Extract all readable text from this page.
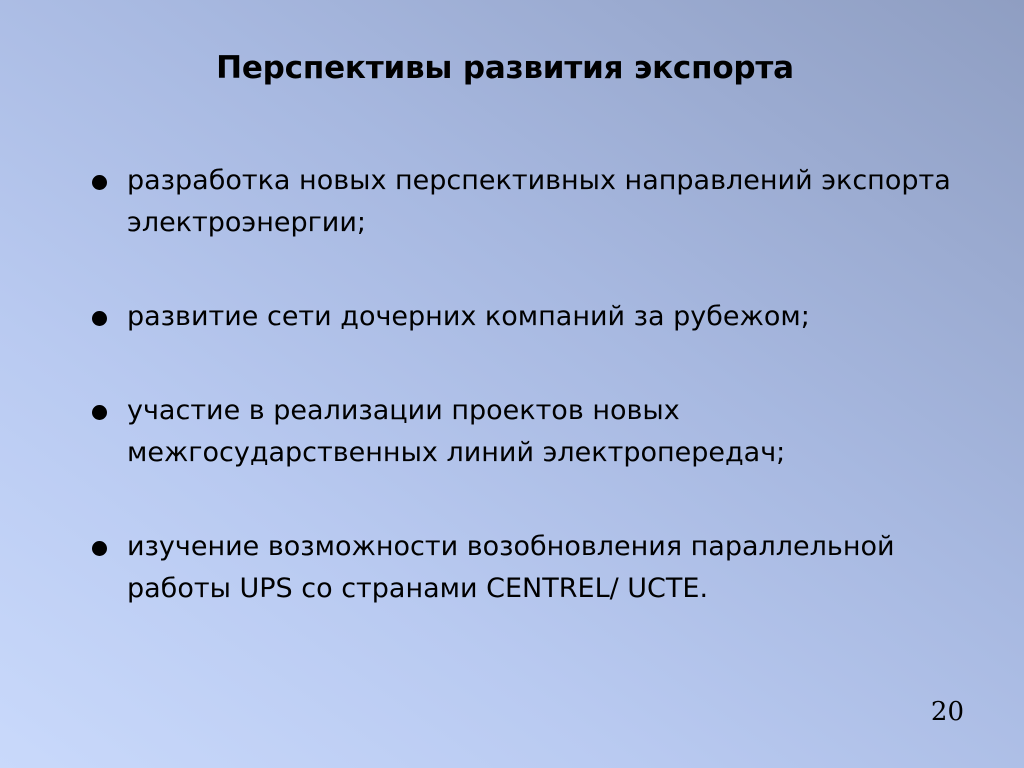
Перспективы развития экспорта
разработка новых перспективных направлений экспорта электроэнергии;
развитие сети дочерних компаний за рубежом;
участие в реализации проектов новых межгосударственных линий электропередач;
изучение возможности возобновления параллельной работы UPS со странами CENTREL/ UCTE.
20
